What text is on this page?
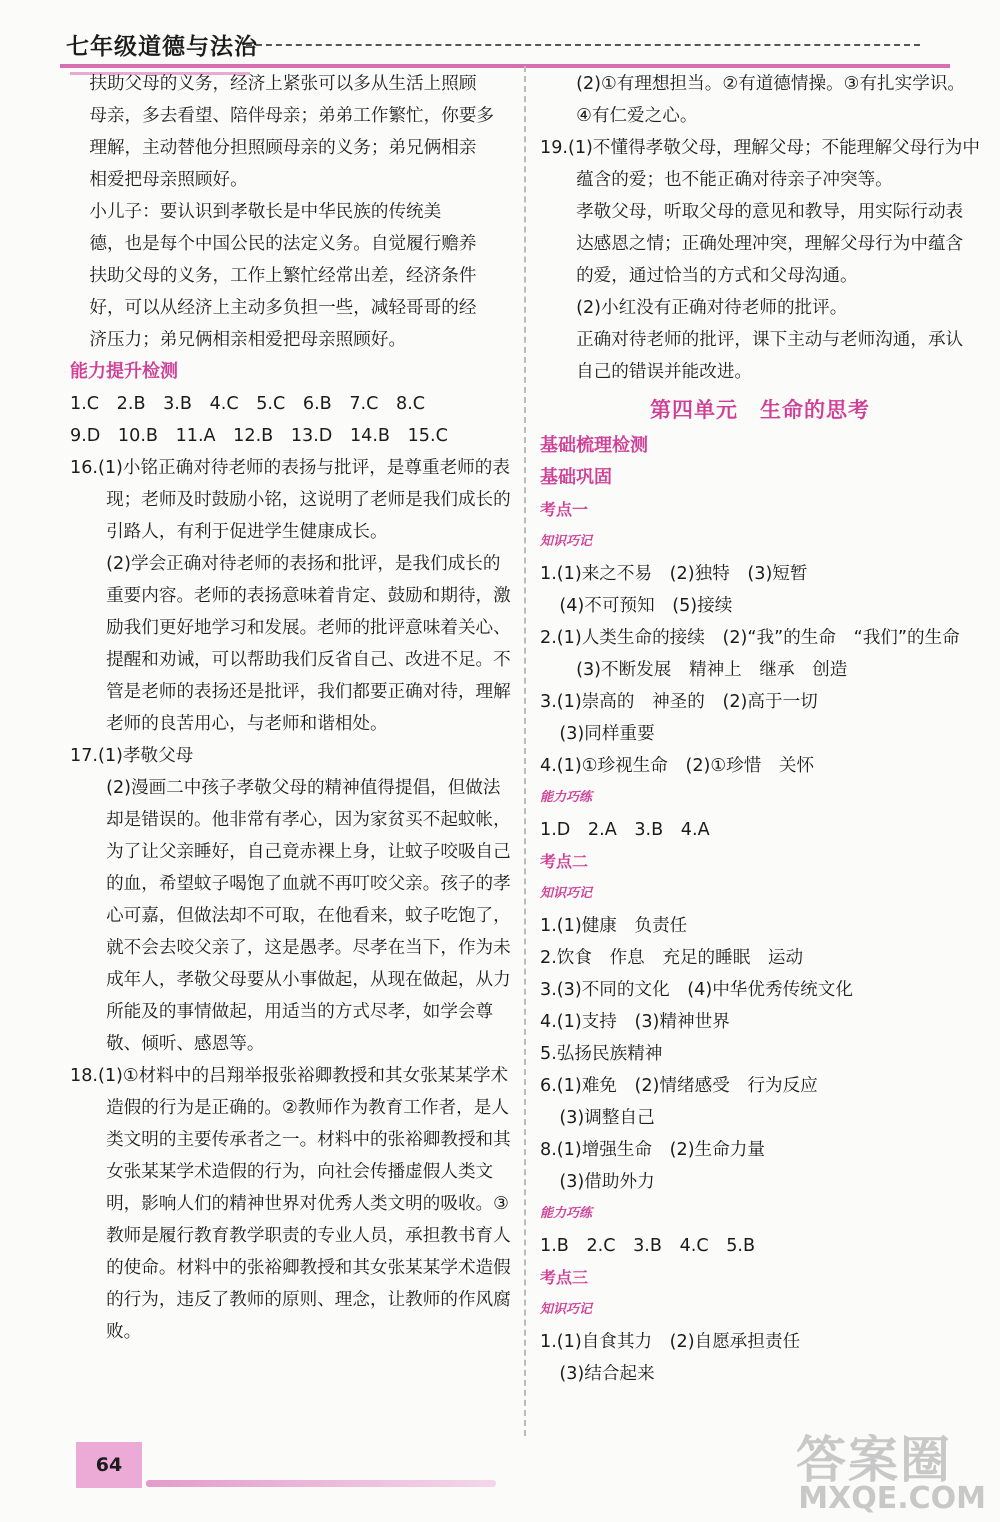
七年级道德与法治
扶助父母的义务，经济上紧张可以多从生活上照顾
母亲，多去看望、陪伴母亲；弟弟工作繁忙，你要多
理解，主动替他分担照顾母亲的义务；弟兄俩相亲
相爱把母亲照顾好。
小儿子：要认识到孝敬长是中华民族的传统美
德，也是每个中国公民的法定义务。自觉履行赡养
扶助父母的义务，工作上繁忙经常出差，经济条件
好，可以从经济上主动多负担一些，减轻哥哥的经
济压力；弟兄俩相亲相爱把母亲照顾好。
能力提升检测
1.C　2.B　3.B　4.C　5.C　6.B　7.C　8.C
9.D　10.B　11.A　12.B　13.D　14.B　15.C
16.(1)小铭正确对待老师的表扬与批评，是尊重老师的表现；老师及时鼓励小铭，这说明了老师是我们成长的引路人，有利于促进学生健康成长。
(2)学会正确对待老师的表扬和批评，是我们成长的重要内容。老师的表扬意味着肯定、鼓励和期待，激励我们更好地学习和发展。老师的批评意味着关心、提醒和劝诫，可以帮助我们反省自己、改进不足。不管是老师的表扬还是批评，我们都要正确对待，理解老师的良苦用心，与老师和谐相处。
17.(1)孝敬父母
(2)漫画二中孩子孝敬父母的精神值得提倡，但做法却是错误的。他非常有孝心，因为家贫买不起蚊帐，为了让父亲睡好，自己竟赤裸上身，让蚊子咬吸自己的血，希望蚊子喝饱了血就不再叮咬父亲。孩子的孝心可嘉，但做法却不可取，在他看来，蚊子吃饱了，就不会去咬父亲了，这是愚孝。尽孝在当下，作为未成年人，孝敬父母要从小事做起，从现在做起，从力所能及的事情做起，用适当的方式尽孝，如学会尊敬、倾听、感恩等。
18.(1)①材料中的吕翔举报张裕卿教授和其女张某某学术造假的行为是正确的。②教师作为教育工作者，是人类文明的主要传承者之一。材料中的张裕卿教授和其女张某某学术造假的行为，向社会传播虚假人类文明，影响人们的精神世界对优秀人类文明的吸收。③教师是履行教育教学职责的专业人员，承担教书育人的使命。材料中的张裕卿教授和其女张某某学术造假的行为，违反了教师的原则、理念，让教师的作风腐败。
(2)①有理想担当。②有道德情操。③有扎实学识。④有仁爱之心。
19.(1)不懂得孝敬父母，理解父母；不能理解父母行为中蕴含的爱；也不能正确对待亲子冲突等。
孝敬父母，听取父母的意见和教导，用实际行动表达感恩之情；正确处理冲突，理解父母行为中蕴含的爱，通过恰当的方式和父母沟通。
(2)小红没有正确对待老师的批评。
正确对待老师的批评，课下主动与老师沟通，承认自己的错误并能改进。
第四单元　生命的思考
基础梳理检测
基础巩固
考点一
知识巧记
1.(1)来之不易　(2)独特　(3)短暂
(4)不可预知　(5)接续
2.(1)人类生命的接续　(2)“我”的生命　“我们”的生命　(3)不断发展　精神上　继承　创造
3.(1)崇高的　神圣的　(2)高于一切
(3)同样重要
4.(1)①珍视生命　(2)①珍惜　关怀
能力巧练
1.D　2.A　3.B　4.A
考点二
知识巧记
1.(1)健康　负责任
2.饮食　作息　充足的睡眠　运动
3.(3)不同的文化　(4)中华优秀传统文化
4.(1)支持　(3)精神世界
5.弘扬民族精神
6.(1)难免　(2)情绪感受　行为反应
(3)调整自己
8.(1)增强生命　(2)生命力量
(3)借助外力
能力巧练
1.B　2.C　3.B　4.C　5.B
考点三
知识巧记
1.(1)自食其力　(2)自愿承担责任
(3)结合起来
64	答案圈
MXQE.COM
